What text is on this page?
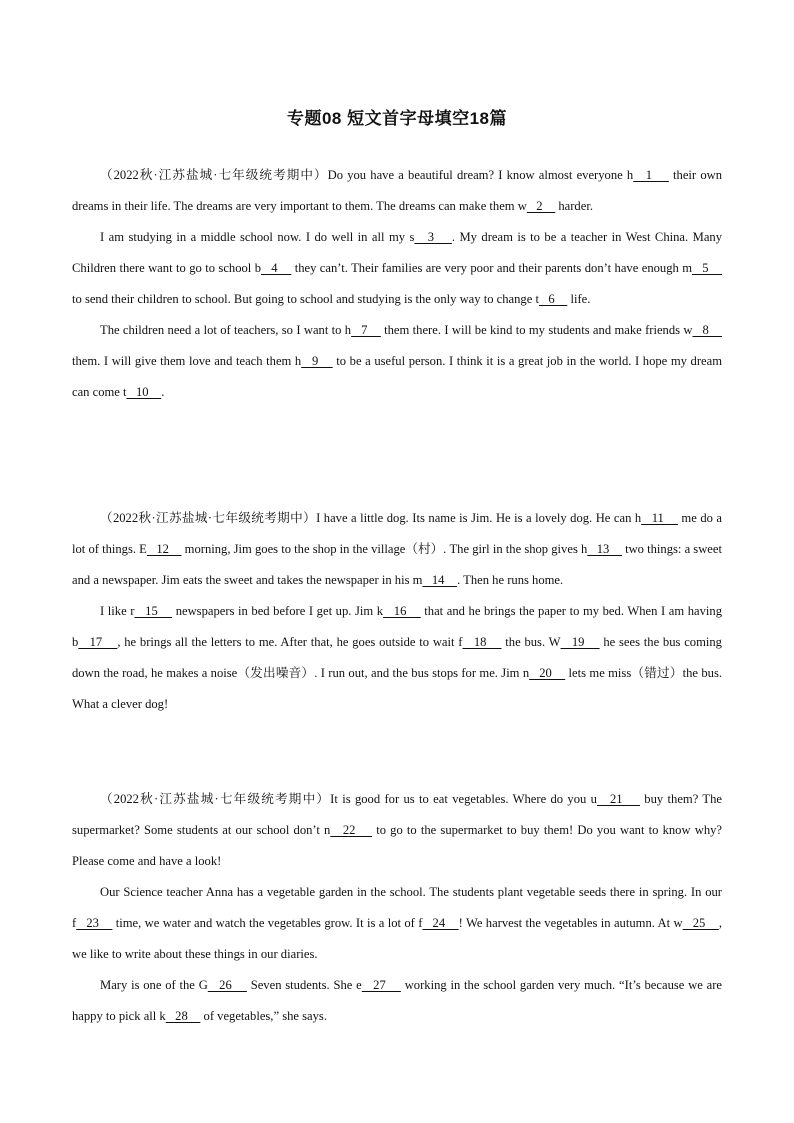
专题08 短文首字母填空18篇

（2022秋·江苏盐城·七年级统考期中）Do you have a beautiful dream? I know almost everyone h   1     their own dreams in their life. The dreams are very important to them. The dreams can make them w   2     harder.

I am studying in a middle school now. I do well in all my s   3    . My dream is to be a teacher in West China. Many Children there want to go to school b   4     they can’t. Their families are very poor and their parents don’t have enough m   5     to send their children to school. But going to school and studying is the only way to change t   6     life.

The children need a lot of teachers, so I want to h   7     them there. I will be kind to my students and make friends w   8     them. I will give them love and teach them h   9     to be a useful person. I think it is a great job in the world. I hope my dream can come t   10    .

（2022秋·江苏盐城·七年级统考期中）I have a little dog. Its name is Jim. He is a lovely dog. He can h   11     me do a lot of things. E   12     morning, Jim goes to the shop in the village（村）. The girl in the shop gives h   13     two things: a sweet and a newspaper. Jim eats the sweet and takes the newspaper in his m   14    . Then he runs home.

I like r   15     newspapers in bed before I get up. Jim k   16     that and he brings the paper to my bed. When I am having b   17    , he brings all the letters to me. After that, he goes outside to wait f   18     the bus. W   19     he sees the bus coming down the road, he makes a noise（发出噪音）. I run out, and the bus stops for me. Jim n   20     lets me miss（错过）the bus. What a clever dog!

（2022秋·江苏盐城·七年级统考期中）It is good for us to eat vegetables. Where do you u   21     buy them? The supermarket? Some students at our school don’t n   22     to go to the supermarket to buy them! Do you want to know why? Please come and have a look!

Our Science teacher Anna has a vegetable garden in the school. The students plant vegetable seeds there in spring. In our f   23     time, we water and watch the vegetables grow. It is a lot of f   24    ! We harvest the vegetables in autumn. At w   25    , we like to write about these things in our diaries.

Mary is one of the G   26     Seven students. She e   27     working in the school garden very much. “It’s because we are happy to pick all k   28     of vegetables,” she says.
